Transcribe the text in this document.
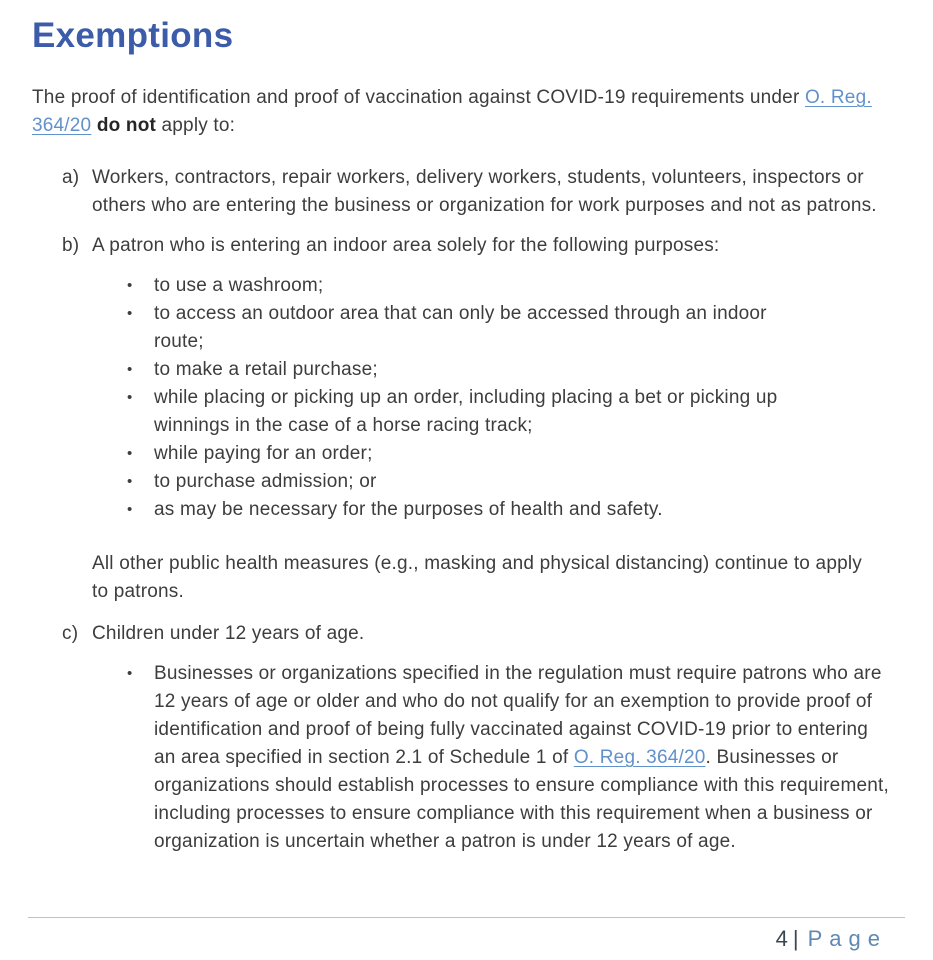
Exemptions

The proof of identification and proof of vaccination against COVID-19 requirements under O. Reg. 364/20 do not apply to:

a) Workers, contractors, repair workers, delivery workers, students, volunteers, inspectors or others who are entering the business or organization for work purposes and not as patrons.
b) A patron who is entering an indoor area solely for the following purposes:
•	to use a washroom;
•	to access an outdoor area that can only be accessed through an indoor route;
•	to make a retail purchase;
•	while placing or picking up an order, including placing a bet or picking up winnings in the case of a horse racing track;
•	while paying for an order;
•	to purchase admission; or
•	as may be necessary for the purposes of health and safety.

All other public health measures (e.g., masking and physical distancing) continue to apply to patrons.

c) Children under 12 years of age.
•	Businesses or organizations specified in the regulation must require patrons who are 12 years of age or older and who do not qualify for an exemption to provide proof of identification and proof of being fully vaccinated against COVID-19 prior to entering an area specified in section 2.1 of Schedule 1 of O. Reg. 364/20. Businesses or organizations should establish processes to ensure compliance with this requirement, including processes to ensure compliance with this requirement when a business or organization is uncertain whether a patron is under 12 years of age.
4 | Page
